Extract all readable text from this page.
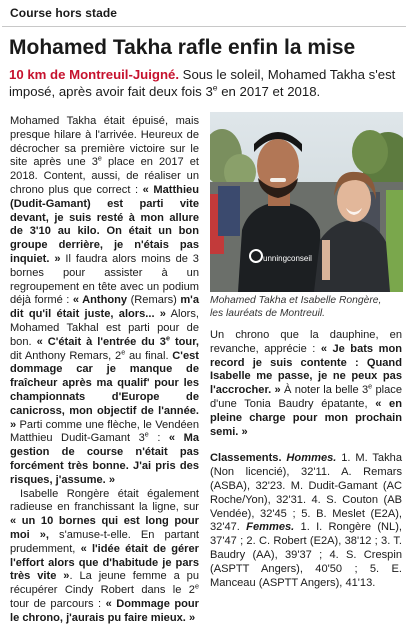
Course hors stade
Mohamed Takha rafle enfin la mise
10 km de Montreuil-Juigné. Sous le soleil, Mohamed Takha s'est imposé, après avoir fait deux fois 3e en 2017 et 2018.

Mohamed Takha était épuisé, mais presque hilare à l'arrivée. Heureux de décrocher sa première victoire sur le site après une 3e place en 2017 et 2018. Content, aussi, de réaliser un chrono plus que correct : « Matthieu (Dudit-Gamant) est parti vite devant, je suis resté à mon allure de 3'10 au kilo. On était un bon groupe derrière, je n'étais pas inquiet. » Il faudra alors moins de 3 bornes pour assister à un regroupement en tête avec un podium déjà formé : « Anthony (Remars) m'a dit qu'il était juste, alors... » Alors, Mohamed Takhal est parti pour de bon. « C'était à l'entrée du 3e tour, dit Anthony Remars, 2e au final. C'est dommage car je manque de fraîcheur après ma qualif' pour les championnats d'Europe de canicross, mon objectif de l'année. » Parti comme une flèche, le Vendéen Matthieu Dudit-Gamant 3e : « Ma gestion de course n'était pas forcément très bonne. J'ai pris des risques, j'assume. »

Isabelle Rongère était également radieuse en franchissant la ligne, sur « un 10 bornes qui est long pour moi », s'amuse-t-elle. En partant prudemment, « l'idée était de gérer l'effort alors que d'habitude je pars très vite ». La jeune femme a pu récupérer Cindy Robert dans le 2e tour de parcours : « Dommage pour le chrono, j'aurais pu faire mieux. »

unningconseil
Mohamed Takha et Isabelle Rongère,
les lauréats de Montreuil.

Un chrono que la dauphine, en revanche, apprécie : « Je bats mon record je suis contente : Quand Isabelle me passe, je ne peux pas l'accrocher. » À noter la belle 3e place d'une Tonia Baudry épatante, « en pleine charge pour mon prochain semi. »

Classements. Hommes. 1. M. Takha (Non licencié), 32'11. A. Remars (ASBA), 32'23. M. Dudit-Gamant (AC Roche/Yon), 32'31. 4. S. Couton (AB Vendée), 32'45 ; 5. B. Meslet (E2A), 32'47. Femmes. 1. I. Rongère (NL), 37'47 ; 2. C. Robert (E2A), 38'12 ; 3. T. Baudry (AA), 39'37 ; 4. S. Crespin (ASPTT Angers), 40'50 ; 5. E. Manceau (ASPTT Angers), 41'13.
